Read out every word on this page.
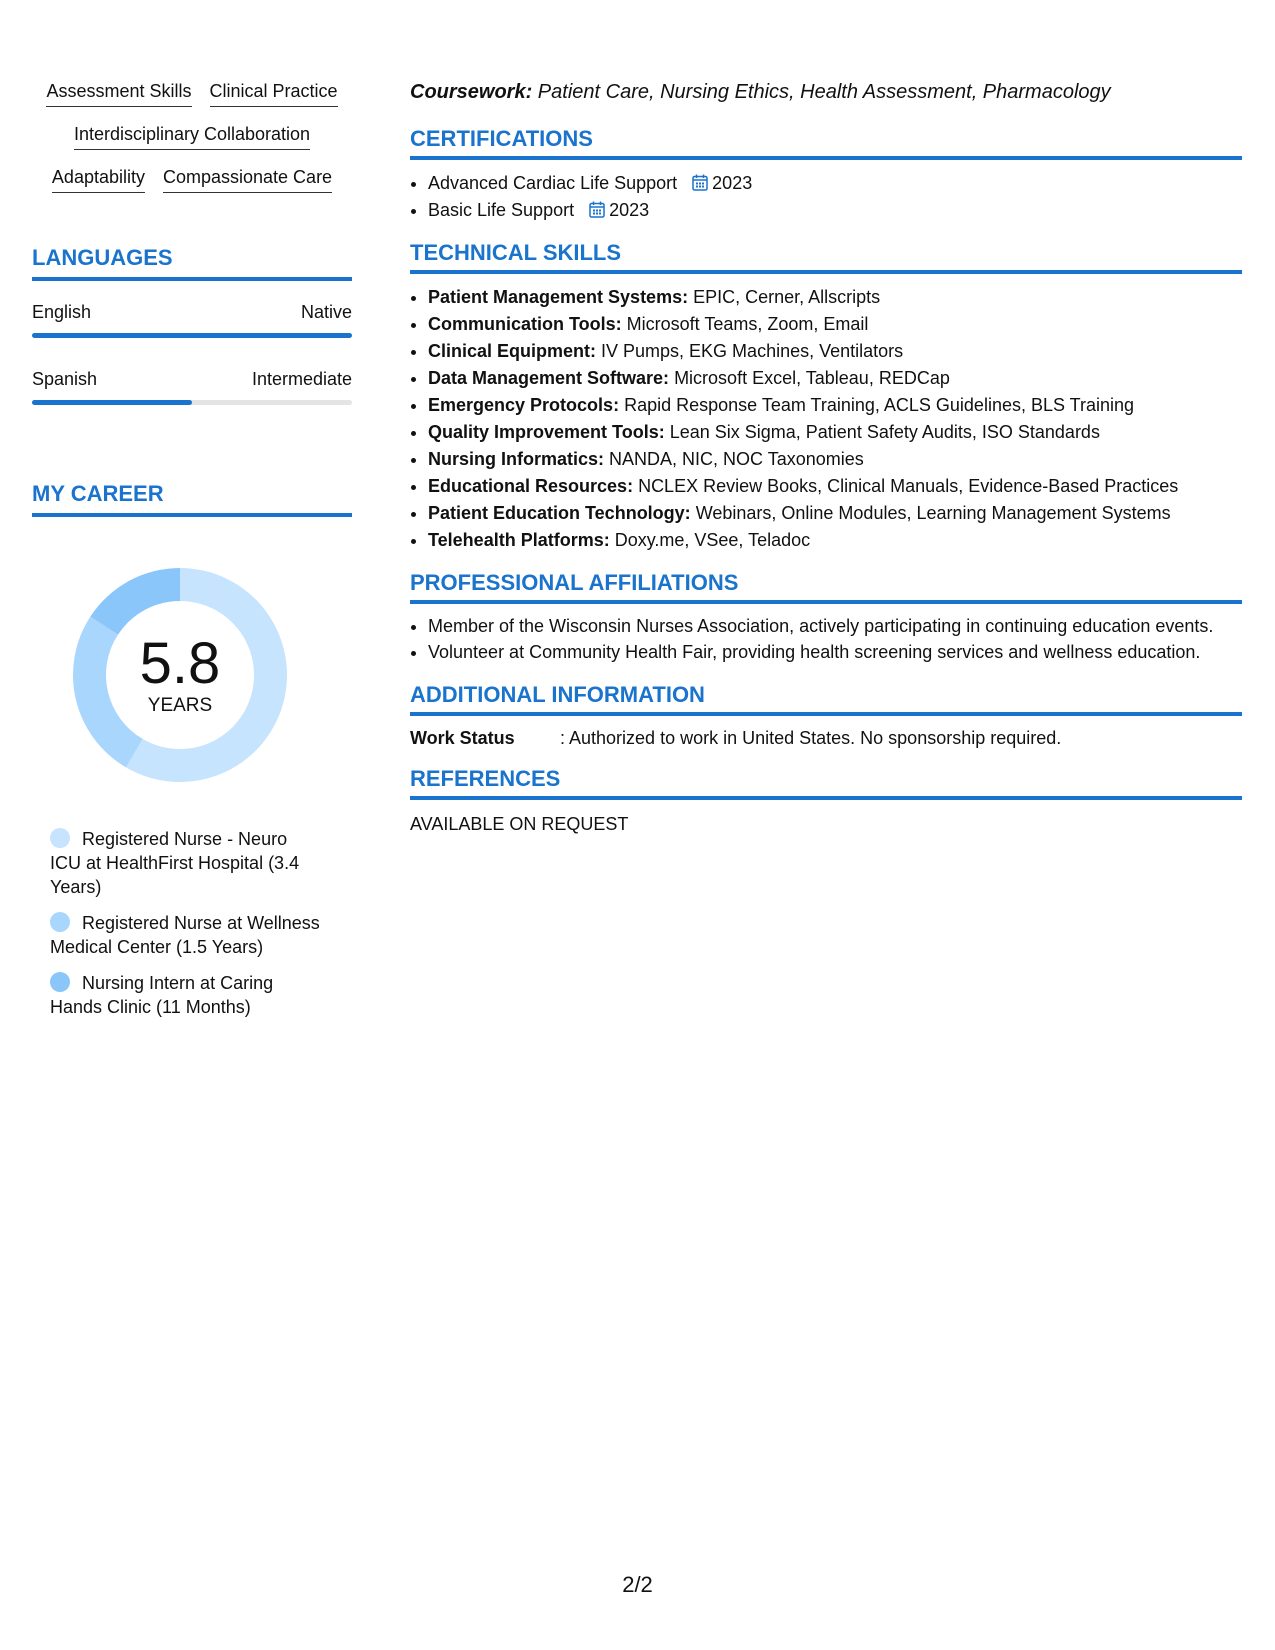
Assessment Skills Clinical Practice
Interdisciplinary Collaboration
Adaptability Compassionate Care
LANGUAGES
English	Native
Spanish	Intermediate
MY CAREER
5.8
YEARS
Registered Nurse - Neuro ICU at HealthFirst Hospital (3.4 Years)
Registered Nurse at Wellness Medical Center (1.5 Years)
Nursing Intern at Caring Hands Clinic (11 Months)
Coursework: Patient Care, Nursing Ethics, Health Assessment, Pharmacology
CERTIFICATIONS
• Advanced Cardiac Life Support 2023
• Basic Life Support 2023
TECHNICAL SKILLS
• Patient Management Systems: EPIC, Cerner, Allscripts
• Communication Tools: Microsoft Teams, Zoom, Email
• Clinical Equipment: IV Pumps, EKG Machines, Ventilators
• Data Management Software: Microsoft Excel, Tableau, REDCap
• Emergency Protocols: Rapid Response Team Training, ACLS Guidelines, BLS Training
• Quality Improvement Tools: Lean Six Sigma, Patient Safety Audits, ISO Standards
• Nursing Informatics: NANDA, NIC, NOC Taxonomies
• Educational Resources: NCLEX Review Books, Clinical Manuals, Evidence-Based Practices
• Patient Education Technology: Webinars, Online Modules, Learning Management Systems
• Telehealth Platforms: Doxy.me, VSee, Teladoc
PROFESSIONAL AFFILIATIONS
• Member of the Wisconsin Nurses Association, actively participating in continuing education events.
• Volunteer at Community Health Fair, providing health screening services and wellness education.
ADDITIONAL INFORMATION
Work Status	: Authorized to work in United States. No sponsorship required.
REFERENCES
AVAILABLE ON REQUEST
2/2
